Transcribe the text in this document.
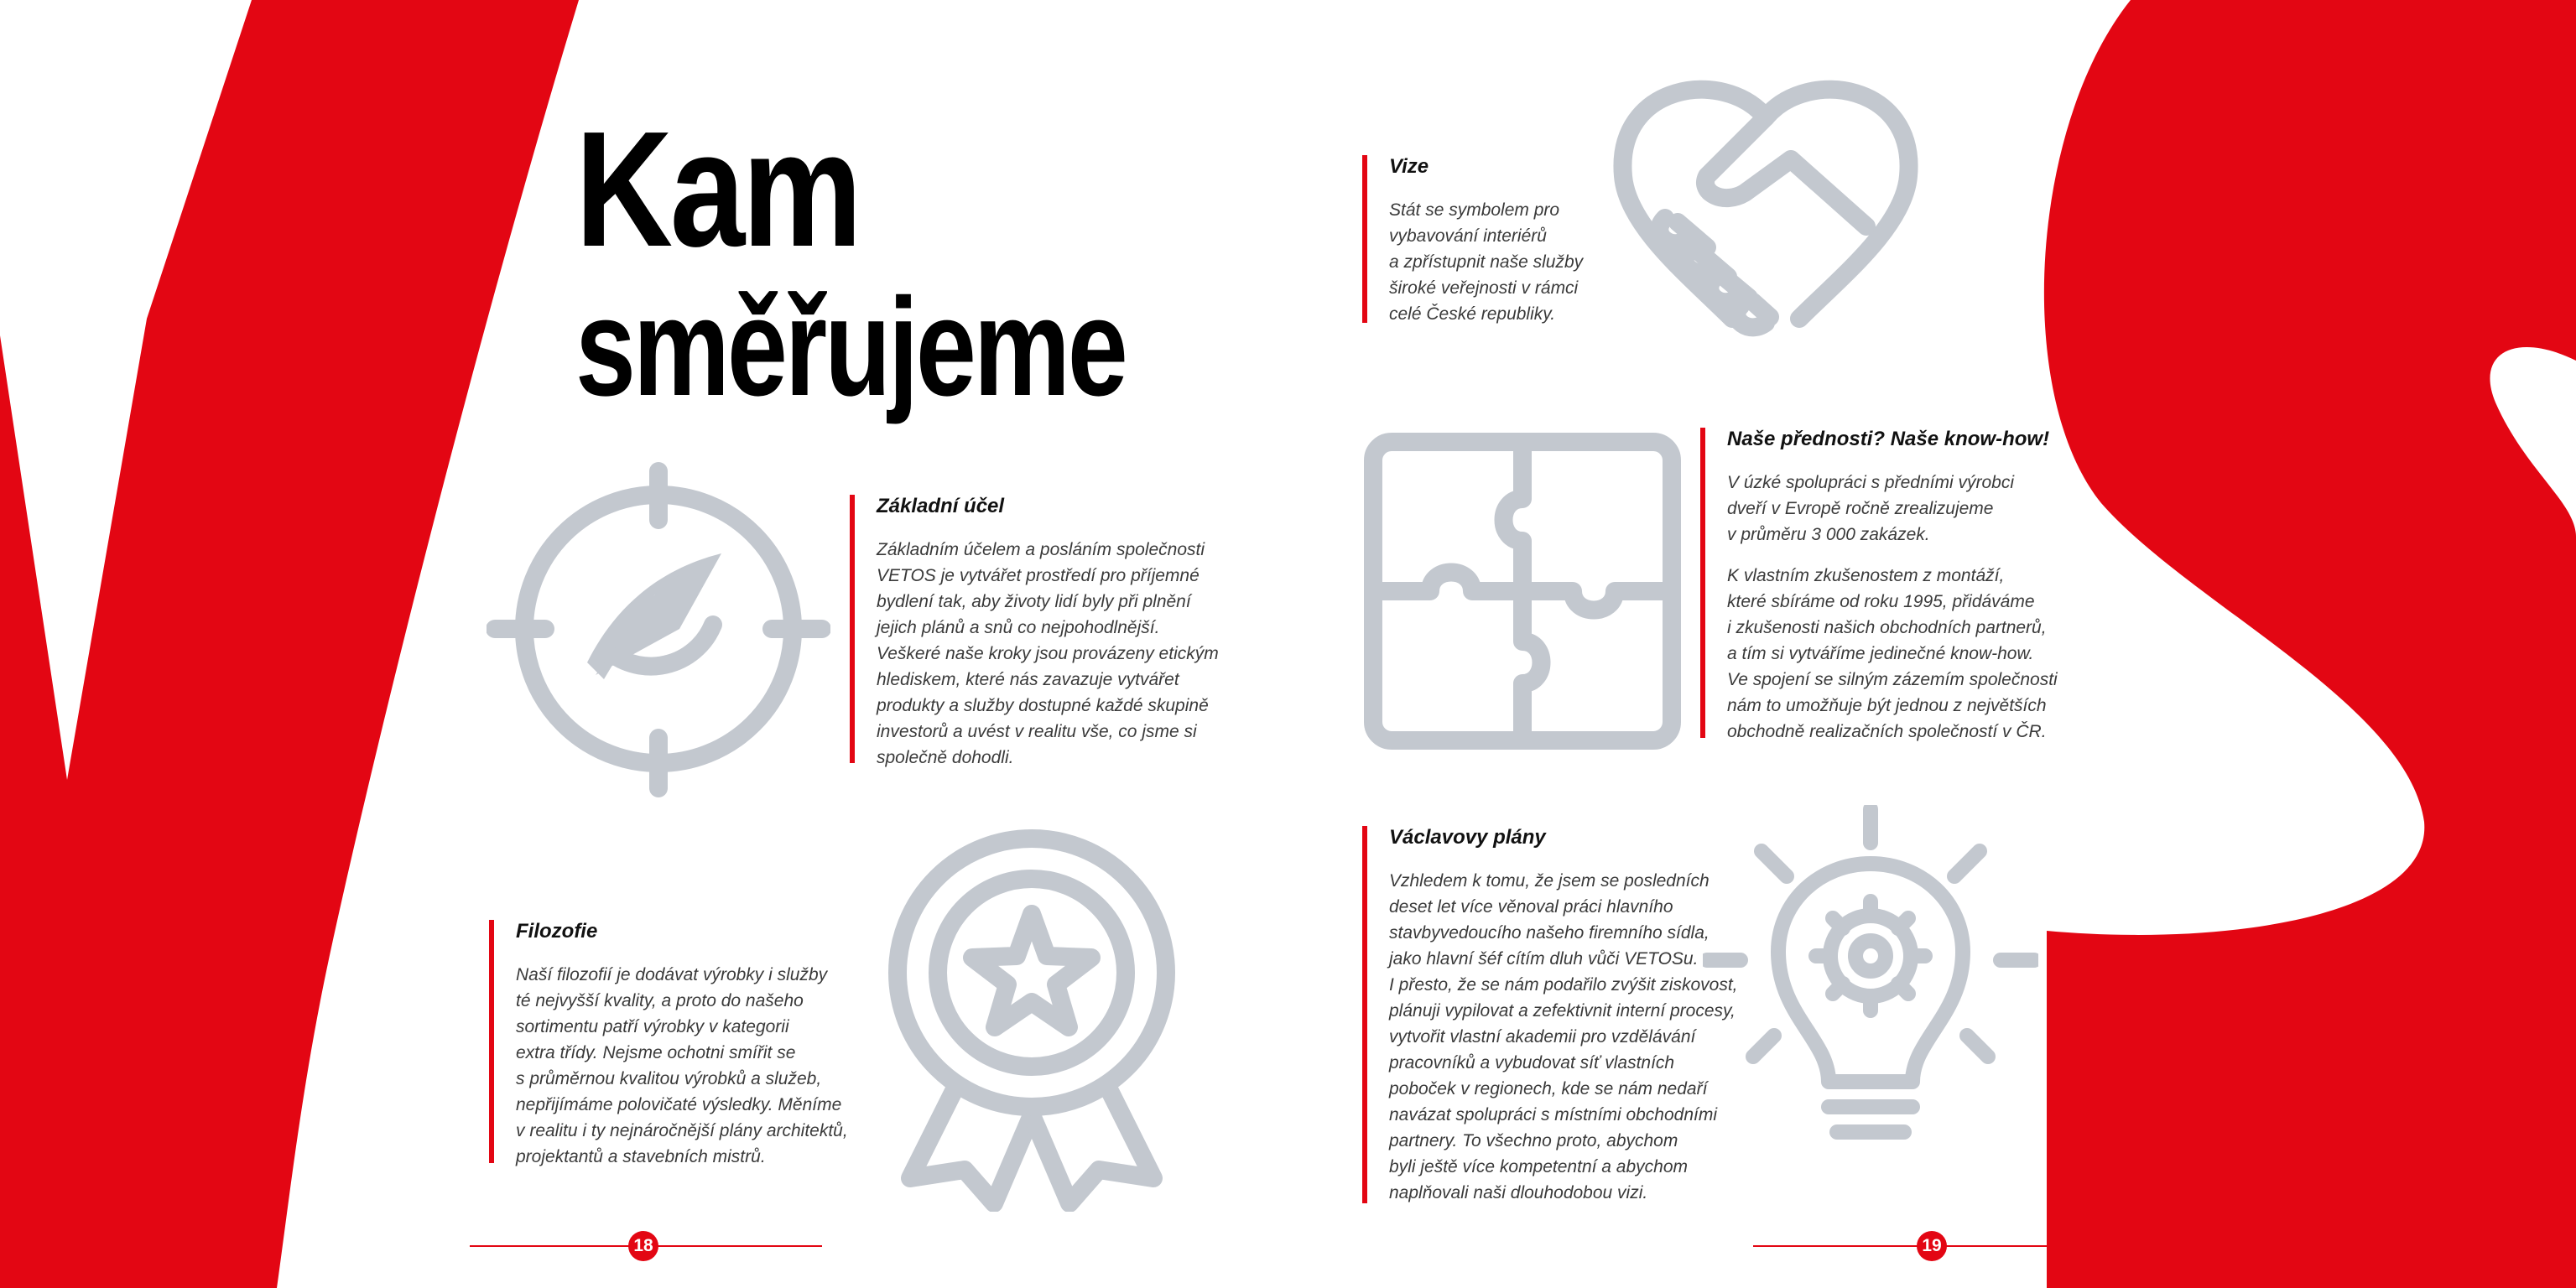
Kam
směřujeme
Základní účel

Základním účelem a posláním společnosti
VETOS je vytvářet prostředí pro příjemné
bydlení tak, aby životy lidí byly při plnění
jejich plánů a snů co nejpohodlnější.
Veškeré naše kroky jsou provázeny etickým
hlediskem, které nás zavazuje vytvářet
produkty a služby dostupné každé skupině
investorů a uvést v realitu vše, co jsme si
společně dohodli.

Filozofie

Naší filozofií je dodávat výrobky i služby
té nejvyšší kvality, a proto do našeho
sortimentu patří výrobky v kategorii
extra třídy. Nejsme ochotni smířit se
s průměrnou kvalitou výrobků a služeb,
nepřijímáme polovičaté výsledky. Měníme
v realitu i ty nejnáročnější plány architektů,
projektantů a stavebních mistrů.

Vize

Stát se symbolem pro
vybavování interiérů
a zpřístupnit naše služby
široké veřejnosti v rámci
celé České republiky.

Naše přednosti? Naše know-how!

V úzké spolupráci s předními výrobci
dveří v Evropě ročně zrealizujeme
v průměru 3 000 zakázek.

K vlastním zkušenostem z montáží,
které sbíráme od roku 1995, přidáváme
i zkušenosti našich obchodních partnerů,
a tím si vytváříme jedinečné know-how.
Ve spojení se silným zázemím společnosti
nám to umožňuje být jednou z největších
obchodně realizačních společností v ČR.

Václavovy plány

Vzhledem k tomu, že jsem se posledních
deset let více věnoval práci hlavního
stavbyvedoucího našeho firemního sídla,
jako hlavní šéf cítím dluh vůči VETOSu.
I přesto, že se nám podařilo zvýšit ziskovost,
plánuji vypilovat a zefektivnit interní procesy,
vytvořit vlastní akademii pro vzdělávání
pracovníků a vybudovat síť vlastních
poboček v regionech, kde se nám nedaří
navázat spolupráci s místními obchodními
partnery. To všechno proto, abychom
byli ještě více kompetentní a abychom
naplňovali naši dlouhodobou vizi.

18	19
